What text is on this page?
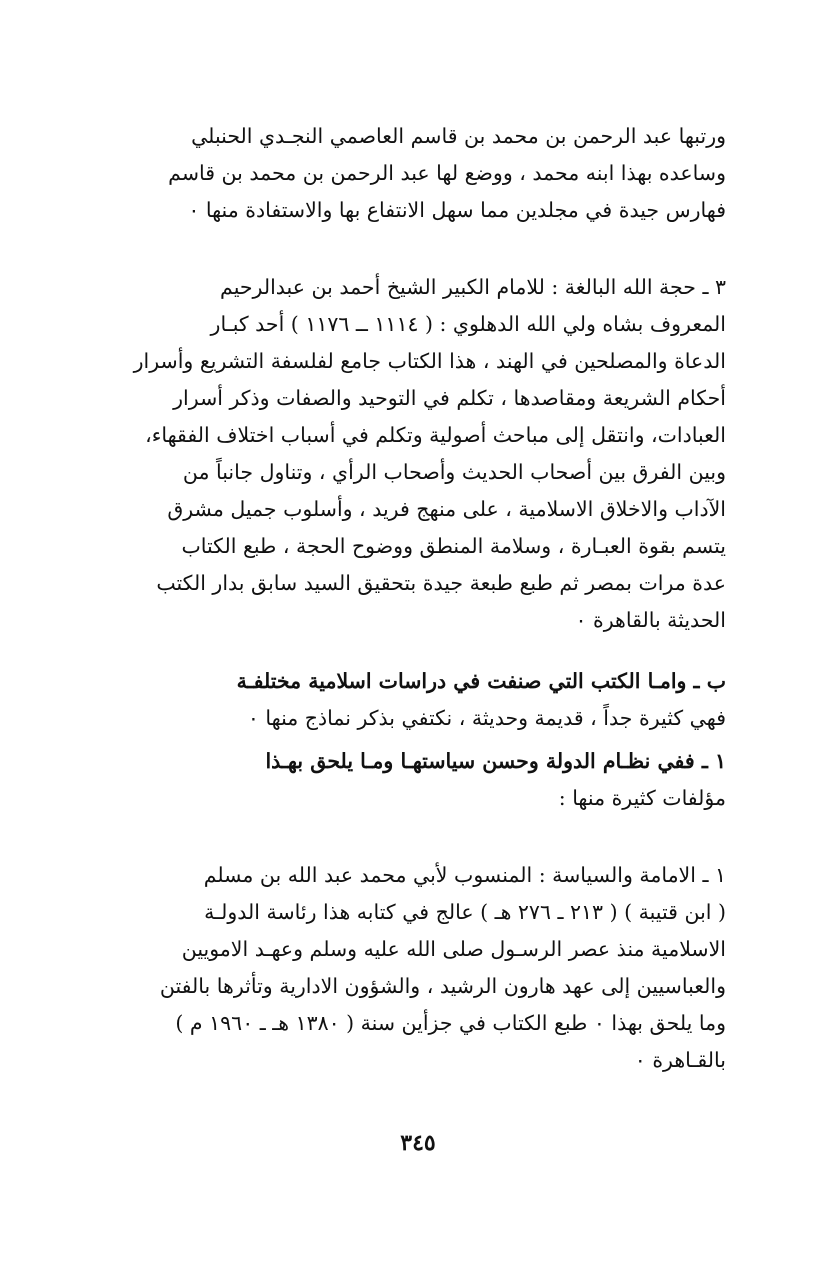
ورتبها عبد الرحمن بن محمد بن قاسم العاصمي النجـدي الحنبلي
وساعده بهذا ابنه محمد ، ووضع لها عبد الرحمن بن محمد بن قاسم
فهارس جيدة في مجلدين مما سهل الانتفاع بها والاستفادة منها ٠
٣ ـ حجة الله البالغة : للامام الكبير الشيخ أحمد بن عبدالرحيم
المعروف بشاه ولي الله الدهلوي : ( ١١١٤ ــ ١١٧٦ ) أحد كبـار
الدعاة والمصلحين في الهند ، هذا الكتاب جامع لفلسفة التشريع وأسرار
أحكام الشريعة ومقاصدها ، تكلم في التوحيد والصفات وذكر أسرار
العبادات، وانتقل إلى مباحث أصولية وتكلم في أسباب اختلاف الفقهاء،
وبين الفرق بين أصحاب الحديث وأصحاب الرأي ، وتناول جانباً من
الآداب والاخلاق الاسلامية ، على منهج فريد ، وأسلوب جميل مشرق
يتسم بقوة العبـارة ، وسلامة المنطق ووضوح الحجة ، طبع الكتاب
عدة مرات بمصر ثم طبع طبعة جيدة بتحقيق السيد سابق بدار الكتب
الحديثة بالقاهرة ٠
ب ـ وامـا الكتب التي صنفت في دراسات اسلامية مختلفـة
فهي كثيرة جداً ، قديمة وحديثة ، نكتفي بذكر نماذج منها ٠
١ ـ ففي نظـام الدولة وحسن سياستهـا ومـا يلحق بهـذا
مؤلفات كثيرة منها :
١ ـ الامامة والسياسة : المنسوب لأبي محمد عبد الله بن مسلم
( ابن قتيبة ) ( ٢١٣ ـ ٢٧٦ هـ ) عالج في كتابه هذا رئاسة الدولـة
الاسلامية منذ عصر الرسـول صلى الله عليه وسلم وعهـد الامويين
والعباسيين إلى عهد هارون الرشيد ، والشؤون الادارية وتأثرها بالفتن
وما يلحق بهذا ٠ طبع الكتاب في جزأين سنة ( ١٣٨٠ هـ ـ ١٩٦٠ م )
بالقـاهرة ٠
٣٤٥
